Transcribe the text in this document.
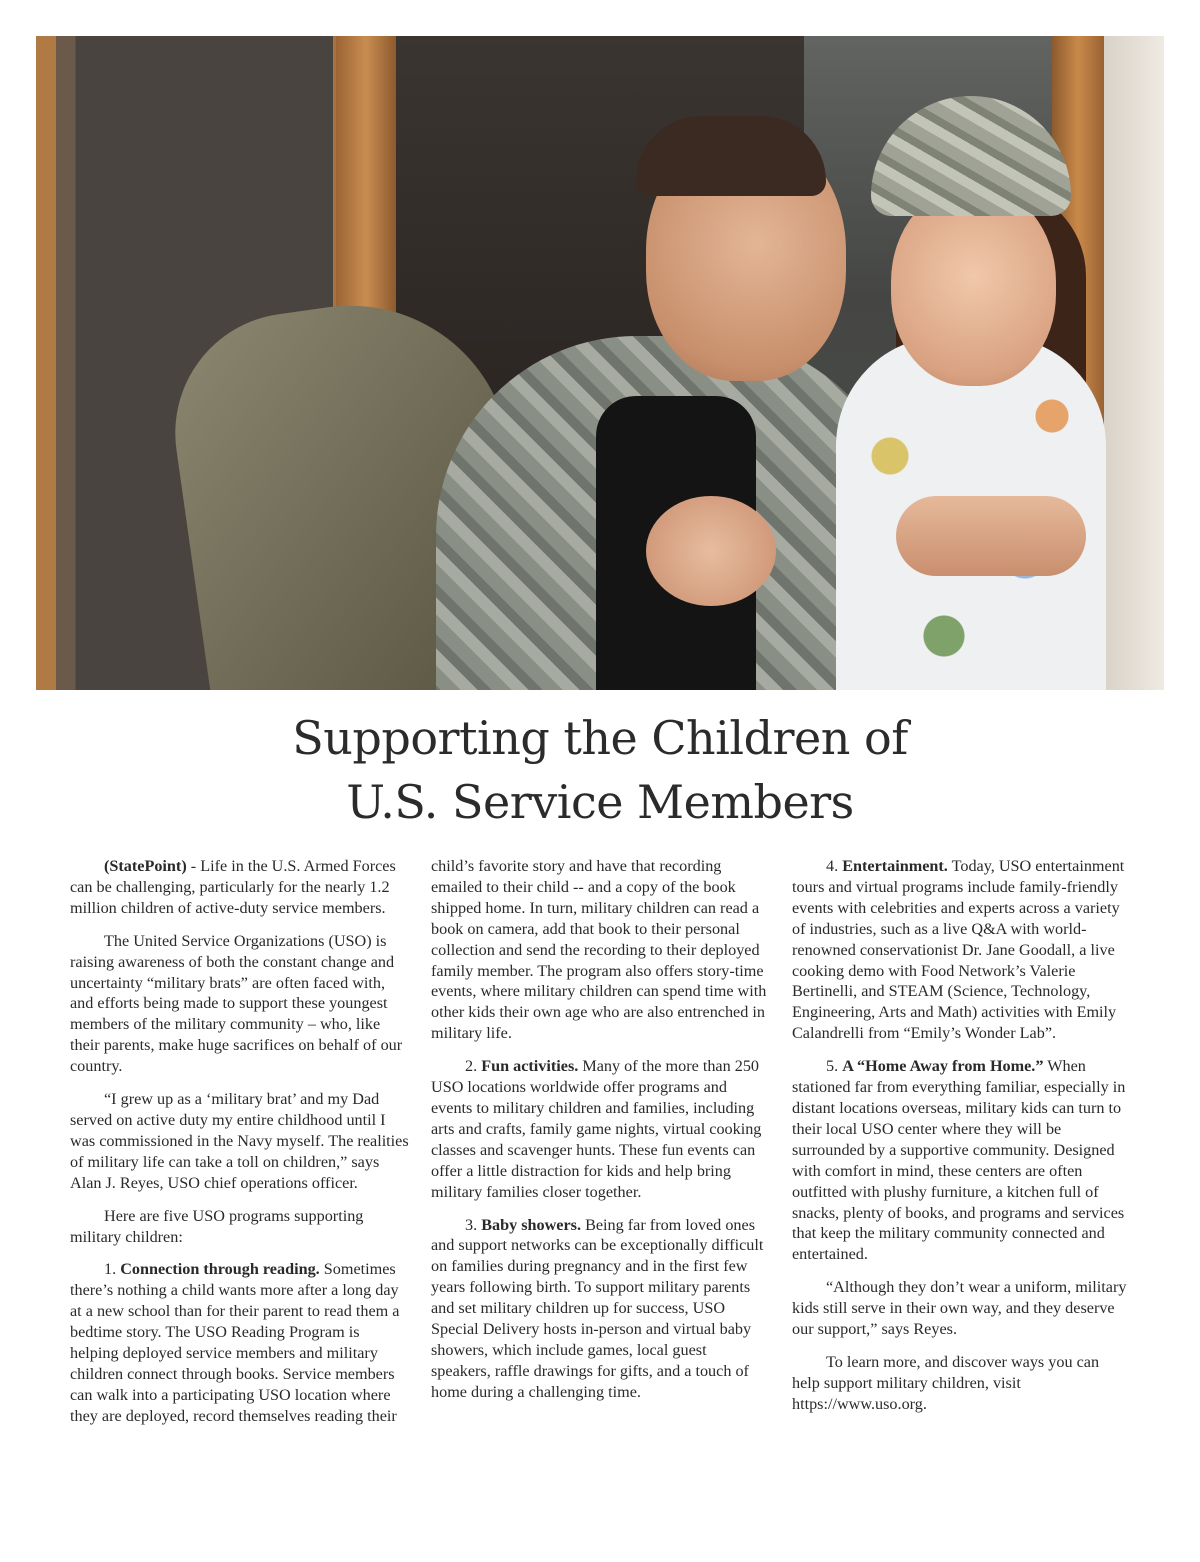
Supporting the Children of
U.S. Service Members

(StatePoint) - Life in the U.S. Armed Forces can be challenging, particularly for the nearly 1.2 million children of active-duty service members.

The United Service Organizations (USO) is raising awareness of both the constant change and uncertainty “military brats” are often faced with, and efforts being made to support these youngest members of the military community – who, like their parents, make huge sacrifices on behalf of our country.

“I grew up as a ‘military brat’ and my Dad served on active duty my entire childhood until I was commissioned in the Navy myself. The realities of military life can take a toll on children,” says Alan J. Reyes, USO chief operations officer.

Here are five USO programs supporting military children:

1. Connection through reading. Sometimes there’s nothing a child wants more after a long day at a new school than for their parent to read them a bedtime story. The USO Reading Program is helping deployed service members and military children connect through books. Service members can walk into a participating USO location where they are deployed, record themselves reading their

child’s favorite story and have that recording emailed to their child -- and a copy of the book shipped home. In turn, military children can read a book on camera, add that book to their personal collection and send the recording to their deployed family member. The program also offers story-time events, where military children can spend time with other kids their own age who are also entrenched in military life.

2. Fun activities. Many of the more than 250 USO locations worldwide offer programs and events to military children and families, including arts and crafts, family game nights, virtual cooking classes and scavenger hunts. These fun events can offer a little distraction for kids and help bring military families closer together.

3. Baby showers. Being far from loved ones and support networks can be exceptionally difficult on families during pregnancy and in the first few years following birth. To support military parents and set military children up for success, USO Special Delivery hosts in-person and virtual baby showers, which include games, local guest speakers, raffle drawings for gifts, and a touch of home during a challenging time.

4. Entertainment. Today, USO entertainment tours and virtual programs include family-friendly events with celebrities and experts across a variety of industries, such as a live Q&A with world-renowned conservationist Dr. Jane Goodall, a live cooking demo with Food Network’s Valerie Bertinelli, and STEAM (Science, Technology, Engineering, Arts and Math) activities with Emily Calandrelli from “Emily’s Wonder Lab”.

5. A “Home Away from Home.” When stationed far from everything familiar, especially in distant locations overseas, military kids can turn to their local USO center where they will be surrounded by a supportive community. Designed with comfort in mind, these centers are often outfitted with plushy furniture, a kitchen full of snacks, plenty of books, and programs and services that keep the military community connected and entertained.

“Although they don’t wear a uniform, military kids still serve in their own way, and they deserve our support,” says Reyes.

To learn more, and discover ways you can help support military children, visit https://www.uso.org.
